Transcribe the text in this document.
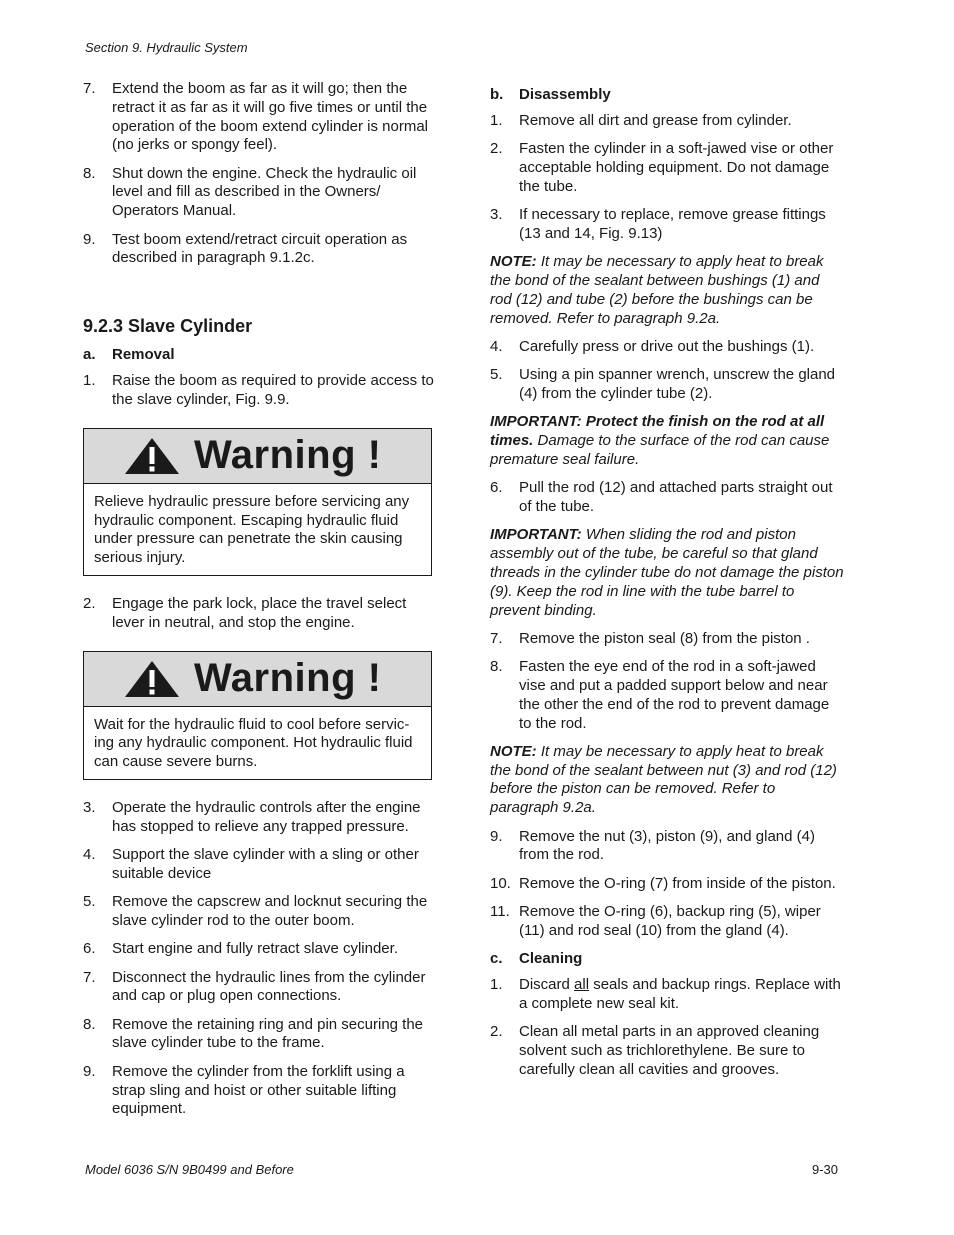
Section 9. Hydraulic System
7. Extend the boom as far as it will go; then the retract it as far as it will go five times or until the operation of the boom extend cylinder is normal (no jerks or spongy feel).
8. Shut down the engine. Check the hydraulic oil level and fill as described in the Owners/ Operators Manual.
9. Test boom extend/retract circuit operation as described in paragraph 9.1.2c.
9.2.3 Slave Cylinder
a. Removal
1. Raise the boom as required to provide access to the slave cylinder, Fig. 9.9.
Warning !
Relieve hydraulic pressure before servicing any hydraulic component. Escaping hydraulic fluid under pressure can penetrate the skin causing serious injury.
2. Engage the park lock, place the travel select lever in neutral, and stop the engine.
Warning !
Wait for the hydraulic fluid to cool before servic-ing any hydraulic component. Hot hydraulic fluid can cause severe burns.
3. Operate the hydraulic controls after the engine has stopped to relieve any trapped pressure.
4. Support the slave cylinder with a sling or other suitable device
5. Remove the capscrew and locknut securing the slave cylinder rod to the outer boom.
6. Start engine and fully retract slave cylinder.
7. Disconnect the hydraulic lines from the cylinder and cap or plug open connections.
8. Remove the retaining ring and pin securing the slave cylinder tube to the frame.
9. Remove the cylinder from the forklift using a strap sling and hoist or other suitable lifting equipment.
b. Disassembly
1. Remove all dirt and grease from cylinder.
2. Fasten the cylinder in a soft-jawed vise or other acceptable holding equipment. Do not damage the tube.
3. If necessary to replace, remove grease fittings (13 and 14, Fig. 9.13)
NOTE: It may be necessary to apply heat to break the bond of the sealant between bushings (1) and rod (12) and tube (2) before the bushings can be removed. Refer to paragraph 9.2a.
4. Carefully press or drive out the bushings (1).
5. Using a pin spanner wrench, unscrew the gland (4) from the cylinder tube (2).
IMPORTANT: Protect the finish on the rod at all times. Damage to the surface of the rod can cause premature seal failure.
6. Pull the rod (12) and attached parts straight out of the tube.
IMPORTANT: When sliding the rod and piston assembly out of the tube, be careful so that gland threads in the cylinder tube do not damage the piston (9). Keep the rod in line with the tube barrel to prevent binding.
7. Remove the piston seal (8) from the piston .
8. Fasten the eye end of the rod in a soft-jawed vise and put a padded support below and near the other the end of the rod to prevent damage to the rod.
NOTE: It may be necessary to apply heat to break the bond of the sealant between nut (3) and rod (12) before the piston can be removed. Refer to paragraph 9.2a.
9. Remove the nut (3), piston (9), and gland (4) from the rod.
10. Remove the O-ring (7) from inside of the piston.
11. Remove the O-ring (6), backup ring (5), wiper (11) and rod seal (10) from the gland (4).
c. Cleaning
1. Discard all seals and backup rings. Replace with a complete new seal kit.
2. Clean all metal parts in an approved cleaning solvent such as trichlorethylene. Be sure to carefully clean all cavities and grooves.
Model 6036 S/N 9B0499 and Before	9-30
